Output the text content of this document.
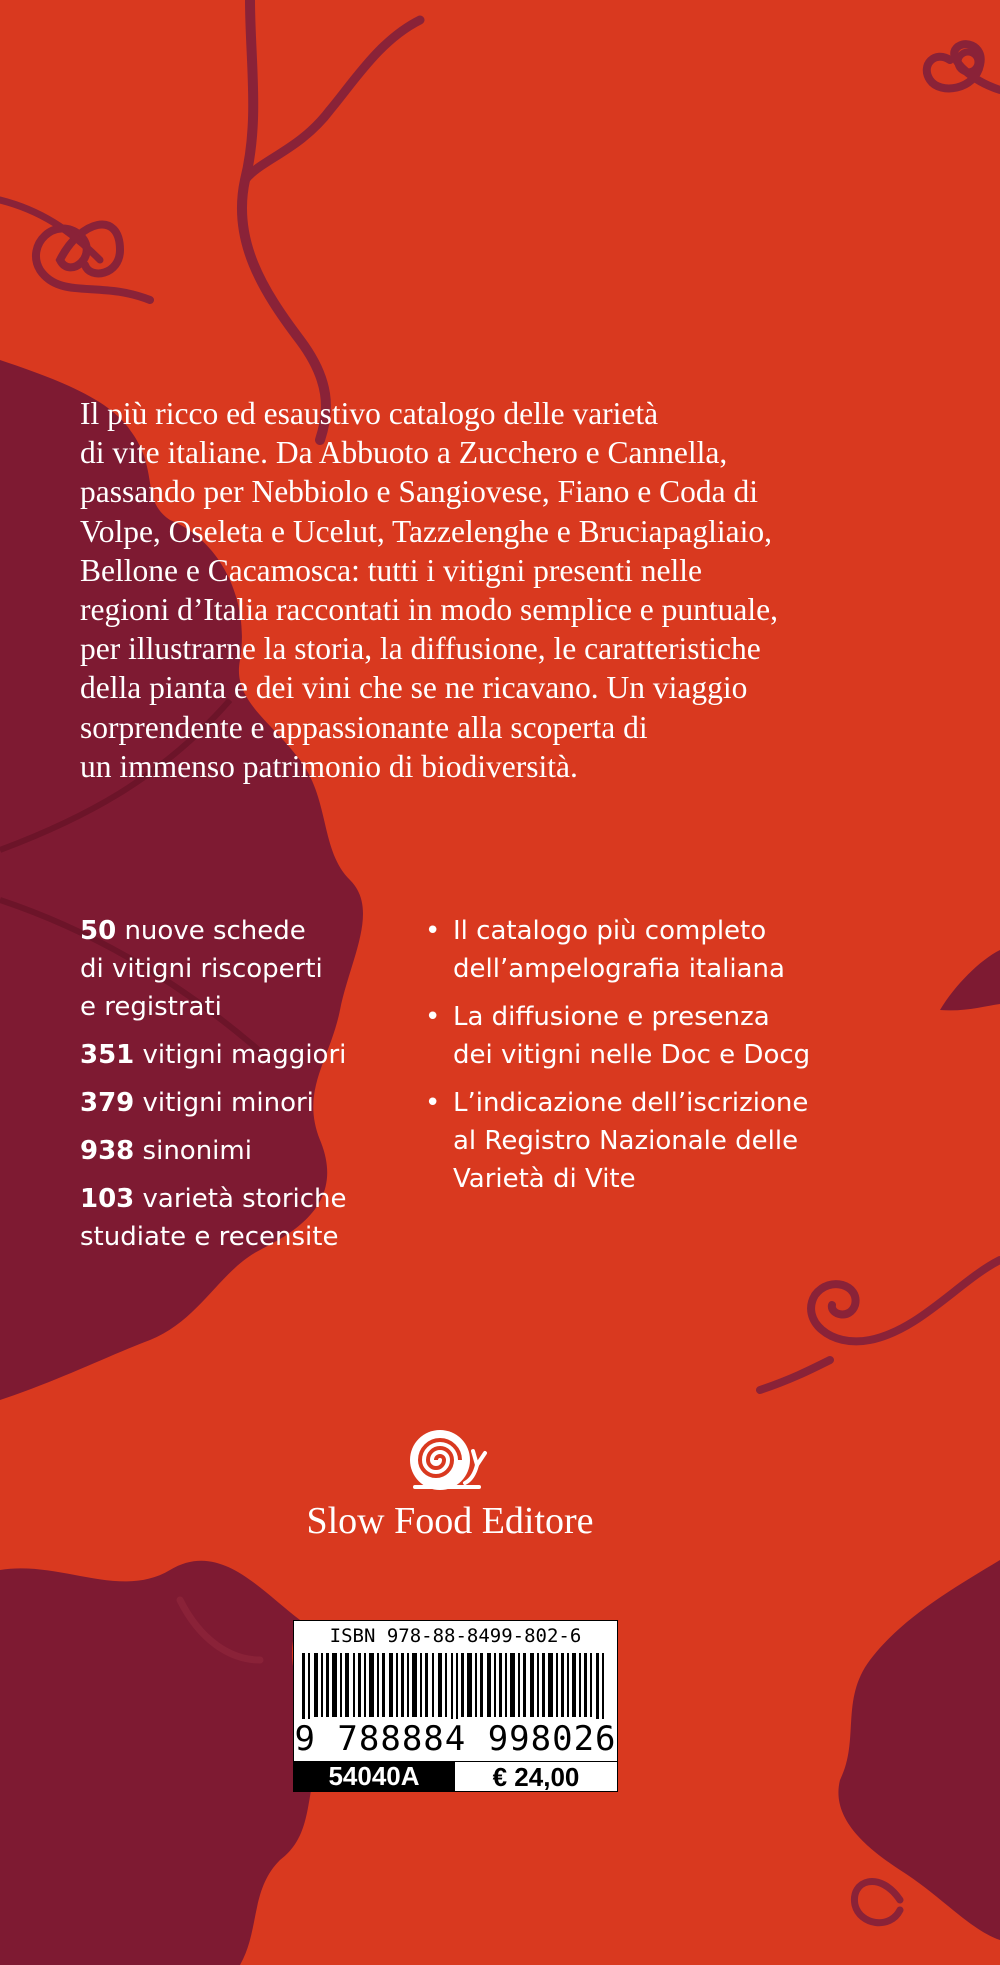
Il più ricco ed esaustivo catalogo delle varietà
di vite italiane. Da Abbuoto a Zucchero e Cannella,
passando per Nebbiolo e Sangiovese, Fiano e Coda di
Volpe, Oseleta e Ucelut, Tazzelenghe e Bruciapagliaio,
Bellone e Cacamosca: tutti i vitigni presenti nelle
regioni d’Italia raccontati in modo semplice e puntuale,
per illustrarne la storia, la diffusione, le caratteristiche
della pianta e dei vini che se ne ricavano. Un viaggio
sorprendente e appassionante alla scoperta di
un immenso patrimonio di biodiversità.
50 nuove schede
di vitigni riscoperti
e registrati
351 vitigni maggiori
379 vitigni minori
938 sinonimi
103 varietà storiche
studiate e recensite
• Il catalogo più completo
dell’ampelografia italiana
• La diffusione e presenza
dei vitigni nelle Doc e Docg
• L’indicazione dell’iscrizione
al Registro Nazionale delle
Varietà di Vite
Slow Food Editore
ISBN 978-88-8499-802-6
9 788884 998026
54040A	€ 24,00
